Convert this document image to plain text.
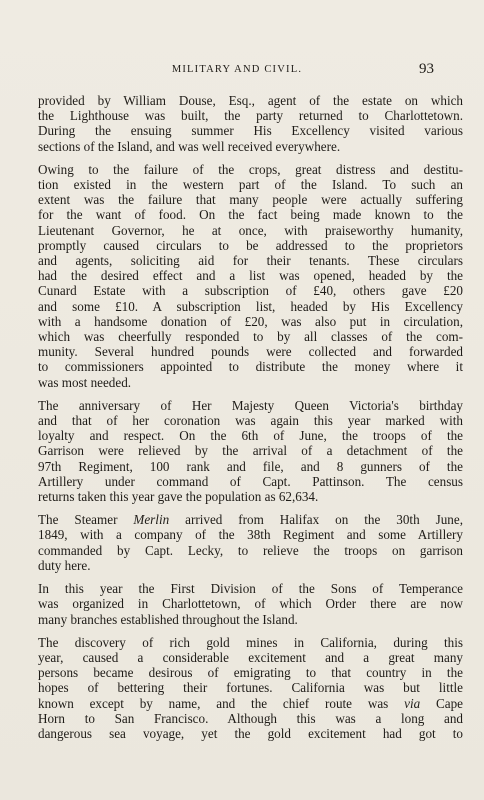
MILITARY AND CIVIL.	93
provided by William Douse, Esq., agent of the estate on which
the Lighthouse was built, the party returned to Charlottetown.
During the ensuing summer His Excellency visited various
sections of the Island, and was well received everywhere.
Owing to the failure of the crops, great distress and destitu-
tion existed in the western part of the Island. To such an
extent was the failure that many people were actually suffering
for the want of food. On the fact being made known to the
Lieutenant Governor, he at once, with praiseworthy humanity,
promptly caused circulars to be addressed to the proprietors
and agents, soliciting aid for their tenants. These circulars
had the desired effect and a list was opened, headed by the
Cunard Estate with a subscription of £40, others gave £20
and some £10. A subscription list, headed by His Excellency
with a handsome donation of £20, was also put in circulation,
which was cheerfully responded to by all classes of the com-
munity. Several hundred pounds were collected and forwarded
to commissioners appointed to distribute the money where it
was most needed.
The anniversary of Her Majesty Queen Victoria's birthday
and that of her coronation was again this year marked with
loyalty and respect. On the 6th of June, the troops of the
Garrison were relieved by the arrival of a detachment of the
97th Regiment, 100 rank and file, and 8 gunners of the
Artillery under command of Capt. Pattinson. The census
returns taken this year gave the population as 62,634.
The Steamer Merlin arrived from Halifax on the 30th June,
1849, with a company of the 38th Regiment and some Artillery
commanded by Capt. Lecky, to relieve the troops on garrison
duty here.
In this year the First Division of the Sons of Temperance
was organized in Charlottetown, of which Order there are now
many branches established throughout the Island.
The discovery of rich gold mines in California, during this
year, caused a considerable excitement and a great many
persons became desirous of emigrating to that country in the
hopes of bettering their fortunes. California was but little
known except by name, and the chief route was via Cape
Horn to San Francisco. Although this was a long and
dangerous sea voyage, yet the gold excitement had got to
